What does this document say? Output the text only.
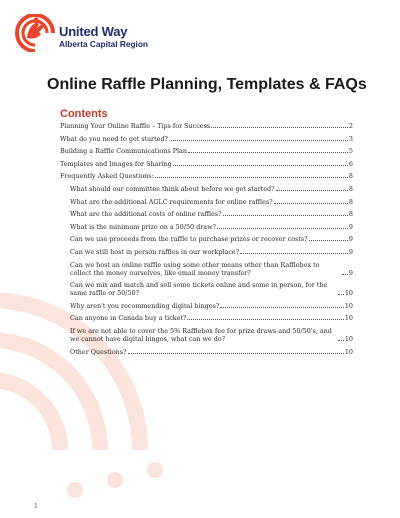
United Way
Alberta Capital Region
Online Raffle Planning, Templates & FAQs
Contents
Planning Your Online Raffle – Tips for Success	2
What do you need to get started? 	3
Building a Raffle Communications Plan	5
Templates and Images for Sharing	6
Frequently Asked Questions:	8
What should our committee think about before we get started?	8
What are the additional AGLC requirements for online raffles?	8
What are the additional costs of online raffles?	8
What is the minimum prize on a 50/50 draw?	9
Can we use proceeds from the raffle to purchase prizes or recover costs?	9
Can we still host in person raffles in our workplace?	9
Can we host an online raffle using some other means other than Rafflebox to collect the money ourselves, like email money transfer?	9
Can we mix and match and sell some tickets online and some in person, for the same raffle or 50/50?	10
Why aren't you recommending digital bingos?	10
Can anyone in Canada buy a ticket?	10
If we are not able to cover the 5% Rafflebox fee for prize draws and 50/50's, and we cannot have digital bingos, what can we do?	10
Other Questions?	10
1
